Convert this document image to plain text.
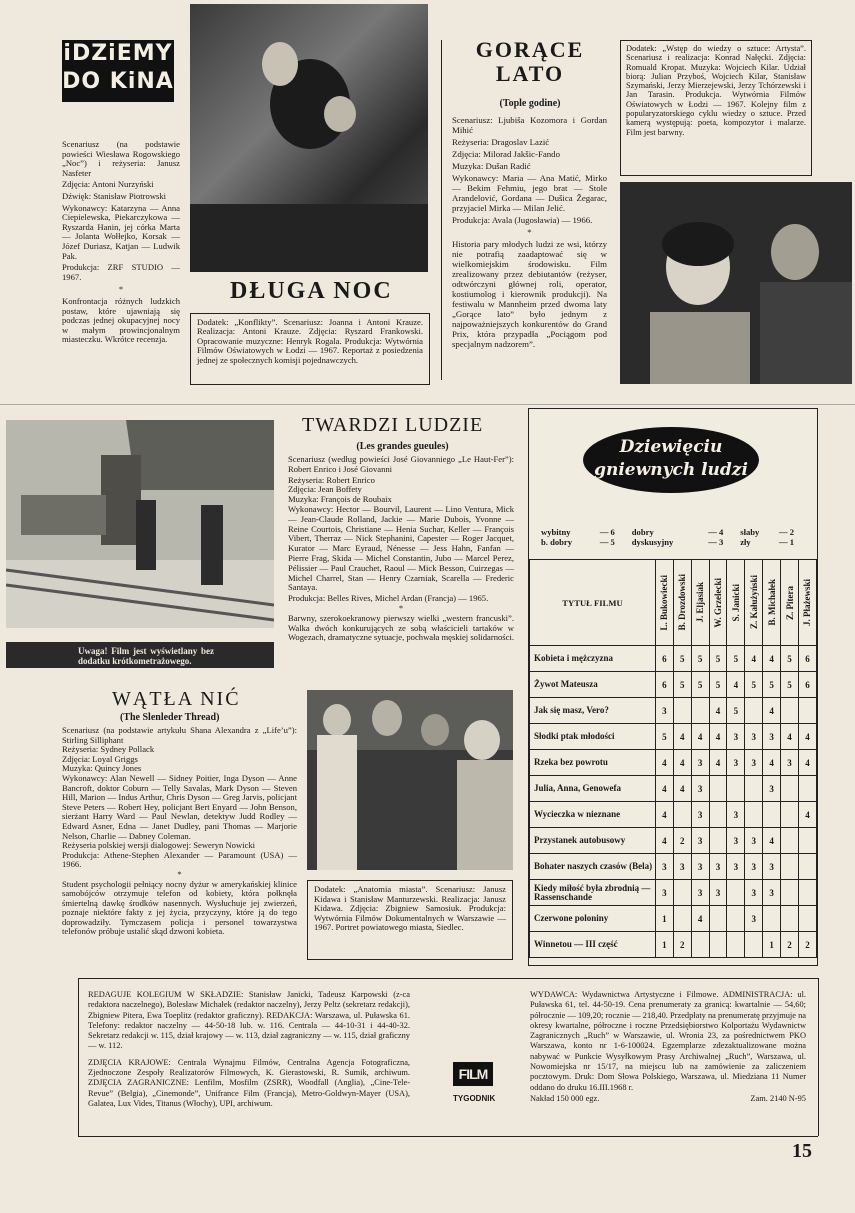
iDZiEMY
DO KiNA

Scenariusz (na podstawie powieści Wiesława Rogowskiego „Noc”) i reżyseria: Janusz Nasfeter

Zdjęcia: Antoni Nurzyński

Dźwięk: Stanisław Piotrowski

Wykonawcy: Katarzyna — Anna Ciepielewska, Piekarczykowa — Ryszarda Hanin, jej córka Marta — Jolanta Wołłejko, Korsak — Józef Duriasz, Katjan — Ludwik Pak.

Produkcja: ZRF STUDIO — 1967.

*

Konfrontacja różnych ludzkich postaw, które ujawniają się podczas jednej okupacyjnej nocy w małym prowincjonalnym miasteczku. Wkrótce recenzja.

DŁUGA NOC
Dodatek: „Konflikty”. Scenariusz: Joanna i Antoni Krauze. Realizacja: Antoni Krauze. Zdjęcia: Ryszard Frankowski. Opracowanie muzyczne: Henryk Rogala. Produkcja: Wytwórnia Filmów Oświatowych w Łodzi — 1967. Reportaż z posiedzenia jednej ze społecznych komisji pojednawczych.
GORĄCE
LATO
(Tople godine)

Scenariusz: Ljubiša Kozomora i Gordan Mihić

Reżyseria: Dragoslav Lazić

Zdjęcia: Milorad Jakšic-Fando

Muzyka: Dušan Radić

Wykonawcy: Maria — Ana Matić, Mirko — Bekim Fehmiu, jego brat — Stole Arandelović, Gordana — Dušica Žegarac, przyjaciel Mirka — Milan Jelić.

Produkcja: Avala (Jugosławia) — 1966.

*

Historia pary młodych ludzi ze wsi, którzy nie potrafią zaadaptować się w wielkomiejskim środowisku. Film zrealizowany przez debiutantów (reżyser, odtwórczyni głównej roli, operator, kostiumolog i kierownik produkcji). Na festiwalu w Mannheim przed dwoma laty „Gorące lato” było jednym z najpoważniejszych konkurentów do Grand Prix, która przypadła „Pociągom pod specjalnym nadzorem”.

Dodatek: „Wstęp do wiedzy o sztuce: Artysta”. Scenariusz i realizacja: Konrad Nałęcki. Zdjęcia: Romuald Kropat. Muzyka: Wojciech Kilar. Udział biorą: Julian Przyboś, Wojciech Kilar, Stanisław Szymański, Jerzy Mierzejewski, Jerzy Tchórzewski i Jan Tarasin. Produkcja. Wytwórnia Filmów Oświatowych w Łodzi — 1967. Kolejny film z popularyzatorskiego cyklu wiedzy o sztuce. Przed kamerą występują: poeta, kompozytor i malarze. Film jest barwny.
Uwaga! Film jest wyświetlany bez dodatku krótkometrażowego.
TWARDZI LUDZIE
(Les grandes gueules)

Scenariusz (według powieści José Giovanniego „Le Haut-Fer”): Robert Enrico i José Giovanni

Reżyseria: Robert Enrico

Zdjęcia: Jean Boffety

Muzyka: François de Roubaix

Wykonawcy: Hector — Bourvil, Laurent — Lino Ventura, Mick — Jean-Claude Rolland, Jackie — Marie Dubois, Yvonne — Reine Courtois, Christiane — Henia Suchar, Keller — François Vibert, Therraz — Nick Stephanini, Capester — Roger Jacquet, Kurator — Marc Eyraud, Nénesse — Jess Hahn, Fanfan — Pierre Frag, Skida — Michel Constantin, Jubo — Marcel Perez, Pélissier — Paul Crauchet, Raoul — Mick Besson, Cuirzegas — Michel Charrel, Stan — Henry Czarniak, Scarella — Frederic Santaya.

Produkcja: Belles Rives, Michel Ardan (Francja) — 1965.

*

Barwny, szerokoekranowy pierwszy wielki „western francuski”. Walka dwóch konkurujących ze sobą właścicieli tartaków w Wogezach, dramatyczne sytuacje, pochwała męskiej solidarności.

WĄTŁA NIĆ
(The Slenleder Thread)

Scenariusz (na podstawie artykułu Shana Alexandra z „Life’u”): Stirling Silliphant

Reżyseria: Sydney Pollack

Zdjęcia: Loyal Griggs

Muzyka: Quincy Jones

Wykonawcy: Alan Newell — Sidney Poitier, Inga Dyson — Anne Bancroft, doktor Coburn — Telly Savalas, Mark Dyson — Steven Hill, Marion — Indus Arthur, Chris Dyson — Greg Jarvis, policjant Steve Peters — Robert Hey, policjant Bert Enyard — John Benson, sierżant Harry Ward — Paul Newlan, detektyw Judd Rodley — Edward Asner, Edna — Janet Dudley, pani Thomas — Marjorie Nelson, Charlie — Dabney Coleman.

Reżyseria polskiej wersji dialogowej: Seweryn Nowicki

Produkcja: Athene-Stephen Alexander — Paramount (USA) — 1966.

*

Student psychologii pełniący nocny dyżur w amerykańskiej klinice samobójców otrzymuje telefon od kobiety, która połknęła śmiertelną dawkę środków nasennych. Wysłuchuje jej zwierzeń, poznaje niektóre fakty z jej życia, przyczyny, które ją do tego doprowadziły. Tymczasem policja i personel towarzystwa telefonów próbuje ustalić skąd dzwoni kobieta.

Dodatek: „Anatomia miasta”. Scenariusz: Janusz Kidawa i Stanisław Manturzewski. Realizacja: Janusz Kidawa. Zdjęcia: Zbigniew Samosiuk. Produkcja: Wytwórnia Filmów Dokumentalnych w Warszawie — 1967. Portret powiatowego miasta, Siedlec.
Dziewięciu
gniewnych ludzi
wybitny	— 6	dobry	— 4	słaby	— 2
b. dobry	— 5	dyskusyjny	— 3	zły	— 1
TYTUŁ FILMU	L. Bukowiecki	B. Drozdowski	J. Eljasiak	W. Grzelecki	S. Janicki	Z. Kałużyński	B. Michałek	Z. Pitera	J. Płażewski

Kobieta i mężczyzna	6	5	5	5	5	4	4	5	6
Żywot Mateusza	6	5	5	5	4	5	5	5	6
Jak się masz, Vero?	3			4	5		4		
Słodki ptak młodości	5	4	4	4	3	3	3	4	4
Rzeka bez powrotu	4	4	3	4	3	3	4	3	4
Julia, Anna, Genowefa	4	4	3				3		
Wycieczka w nieznane	4		3		3				4
Przystanek autobusowy	4	2	3		3	3	4		
Bohater naszych czasów (Bela)	3	3	3	3	3	3	3		
Kiedy miłość była zbrodnią — Rassenschande	3		3	3		3	3		
Czerwone poloniny	1		4			3			
Winnetou — III część	1	2					1	2	2

REDAGUJE KOLEGIUM W SKŁADZIE: Stanisław Janicki, Tadeusz Karpowski (z-ca redaktora naczelnego), Bolesław Michałek (redaktor naczelny), Jerzy Peltz (sekretarz redakcji), Zbigniew Pitera, Ewa Toeplitz (redaktor graficzny). REDAKCJA: Warszawa, ul. Puławska 61. Telefony: redaktor naczelny — 44-50-18 lub. w. 116. Centrala — 44-10-31 i 44-40-32. Sekretarz redakcji w. 115, dział krajowy — w. 113, dział zagraniczny — w. 115, dział graficzny — w. 112.

ZDJĘCIA KRAJOWE: Centrala Wynajmu Filmów, Centralna Agencja Fotograficzna, Zjednoczone Zespoły Realizatorów Filmowych, K. Gierastowski, R. Sumik, archiwum. ZDJĘCIA ZAGRANICZNE: Lenfilm, Mosfilm (ZSRR), Woodfall (Anglia), „Cine-Tele-Revue” (Belgia), „Cinemonde”, Unifrance Film (Francja), Metro-Goldwyn-Mayer (USA), Galatea, Lux Vides, Titanus (Włochy), UPI, archiwum.

FILM
TYGODNIK

WYDAWCA: Wydawnictwa Artystyczne i Filmowe. ADMINISTRACJA: ul. Puławska 61, tel. 44-50-19. Cena prenumeraty za granicą: kwartalnie — 54,60; półrocznie — 109,20; rocznie — 218,40. Przedpłaty na prenumeratę przyjmuje na okresy kwartalne, półroczne i roczne Przedsiębiorstwo Kolportażu Wydawnictw Zagranicznych „Ruch” w Warszawie, ul. Wronia 23, za pośrednictwem PKO Warszawa, konto nr 1-6-100024. Egzemplarze zdezaktualizowane można nabywać w Punkcie Wysyłkowym Prasy Archiwalnej „Ruch”, Warszawa, ul. Nowomiejska nr 15/17, na miejscu lub na zamówienie za zaliczeniem pocztowym. Druk: Dom Słowa Polskiego, Warszawa, ul. Miedziana 11 Numer oddano do druku 16.III.1968 r.

Nakład 150 000 egz.	Zam. 2140 N-95
15
